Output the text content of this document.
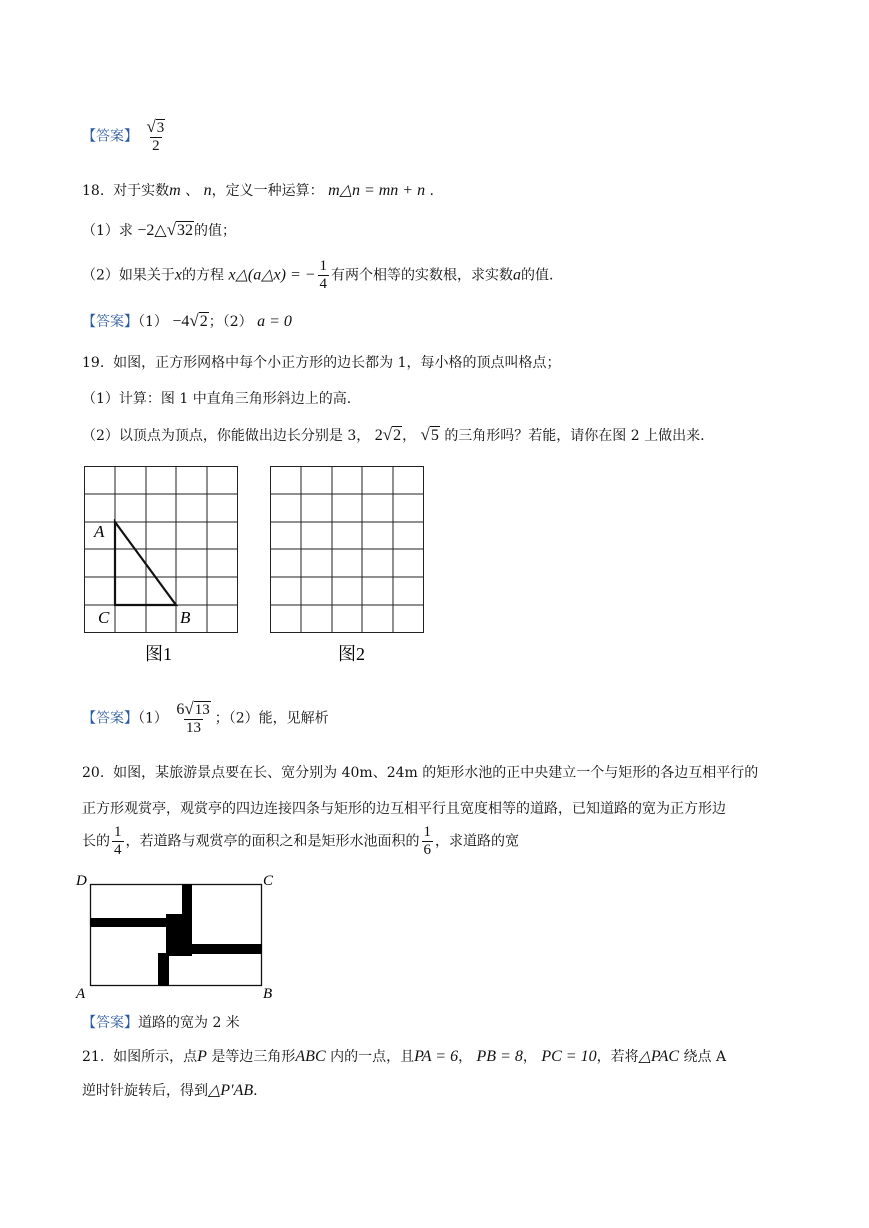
【答案】 $\frac{√3}{2}$
18. 对于实数m 、 n，定义一种运算： m△n = mn + n .
（1）求 −2△√32的值；
（2）如果关于x的方程 x△(a△x) = − $\frac{1}{4}$ 有两个相等的实数根，求实数a的值.
【答案】（1） −4√2；（2） a = 0
19. 如图，正方形网格中每个小正方形的边长都为 1，每小格的顶点叫格点；
（1）计算：图 1 中直角三角形斜边上的高.
（2）以顶点为顶点，你能做出边长分别是 3， 2√2， √5 的三角形吗？若能，请你在图 2 上做出来.
A
C	B
图1	图2
【答案】$(1) \frac{6√13}{13}$ ；（2）能，见解析
20. 如图，某旅游景点要在长、宽分别为 40m、24m 的矩形水池的正中央建立一个与矩形的各边互相平行的
正方形观赏亭，观赏亭的四边连接四条与矩形的边互相平行且宽度相等的道路，已知道路的宽为正方形边
长的 $\frac{1}{4}$ ，若道路与观赏亭的面积之和是矩形水池面积的 $\frac{1}{6}$ ，求道路的宽
D	C
A	B
【答案】道路的宽为 2 米
21. 如图所示，点P 是等边三角形ABC 内的一点，且PA = 6， PB = 8， PC = 10，若将△PAC 绕点 A
逆时针旋转后，得到△P′AB.
